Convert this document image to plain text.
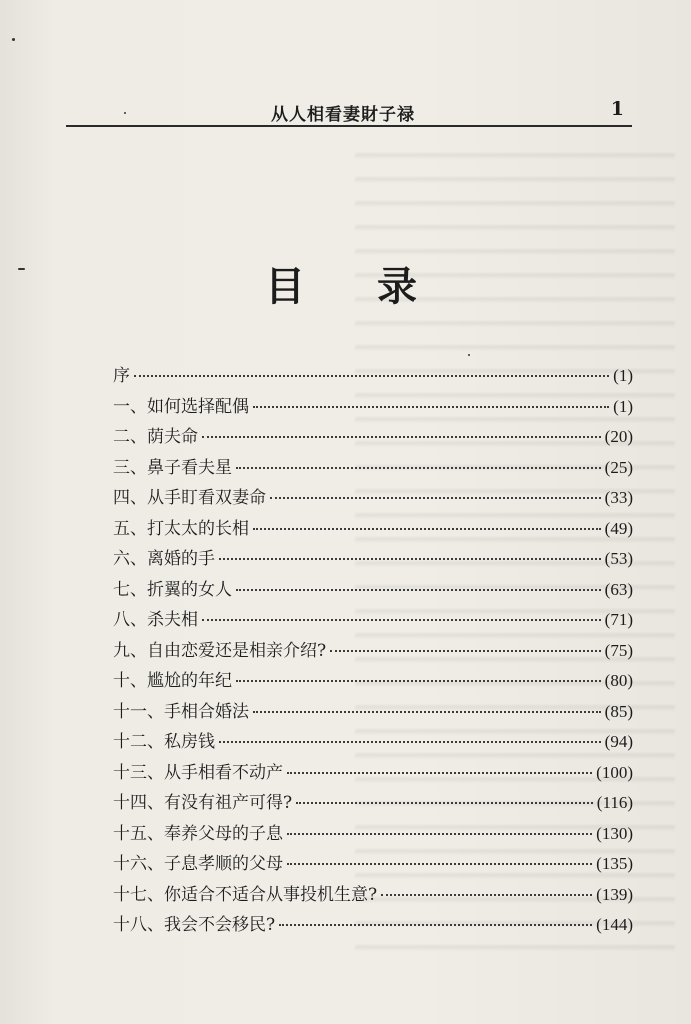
从人相看妻財子禄	1
目录
序	(1)
一、如何选择配偶	(1)
二、荫夫命	(20)
三、鼻子看夫星	(25)
四、从手盯看双妻命	(33)
五、打太太的长相	(49)
六、离婚的手	(53)
七、折翼的女人	(63)
八、杀夫相	(71)
九、自由恋爱还是相亲介绍?	(75)
十、尴尬的年纪	(80)
十一、手相合婚法	(85)
十二、私房钱	(94)
十三、从手相看不动产	(100)
十四、有没有祖产可得?	(116)
十五、奉养父母的子息	(130)
十六、子息孝顺的父母	(135)
十七、你适合不适合从事投机生意?	(139)
十八、我会不会移民?	(144)
